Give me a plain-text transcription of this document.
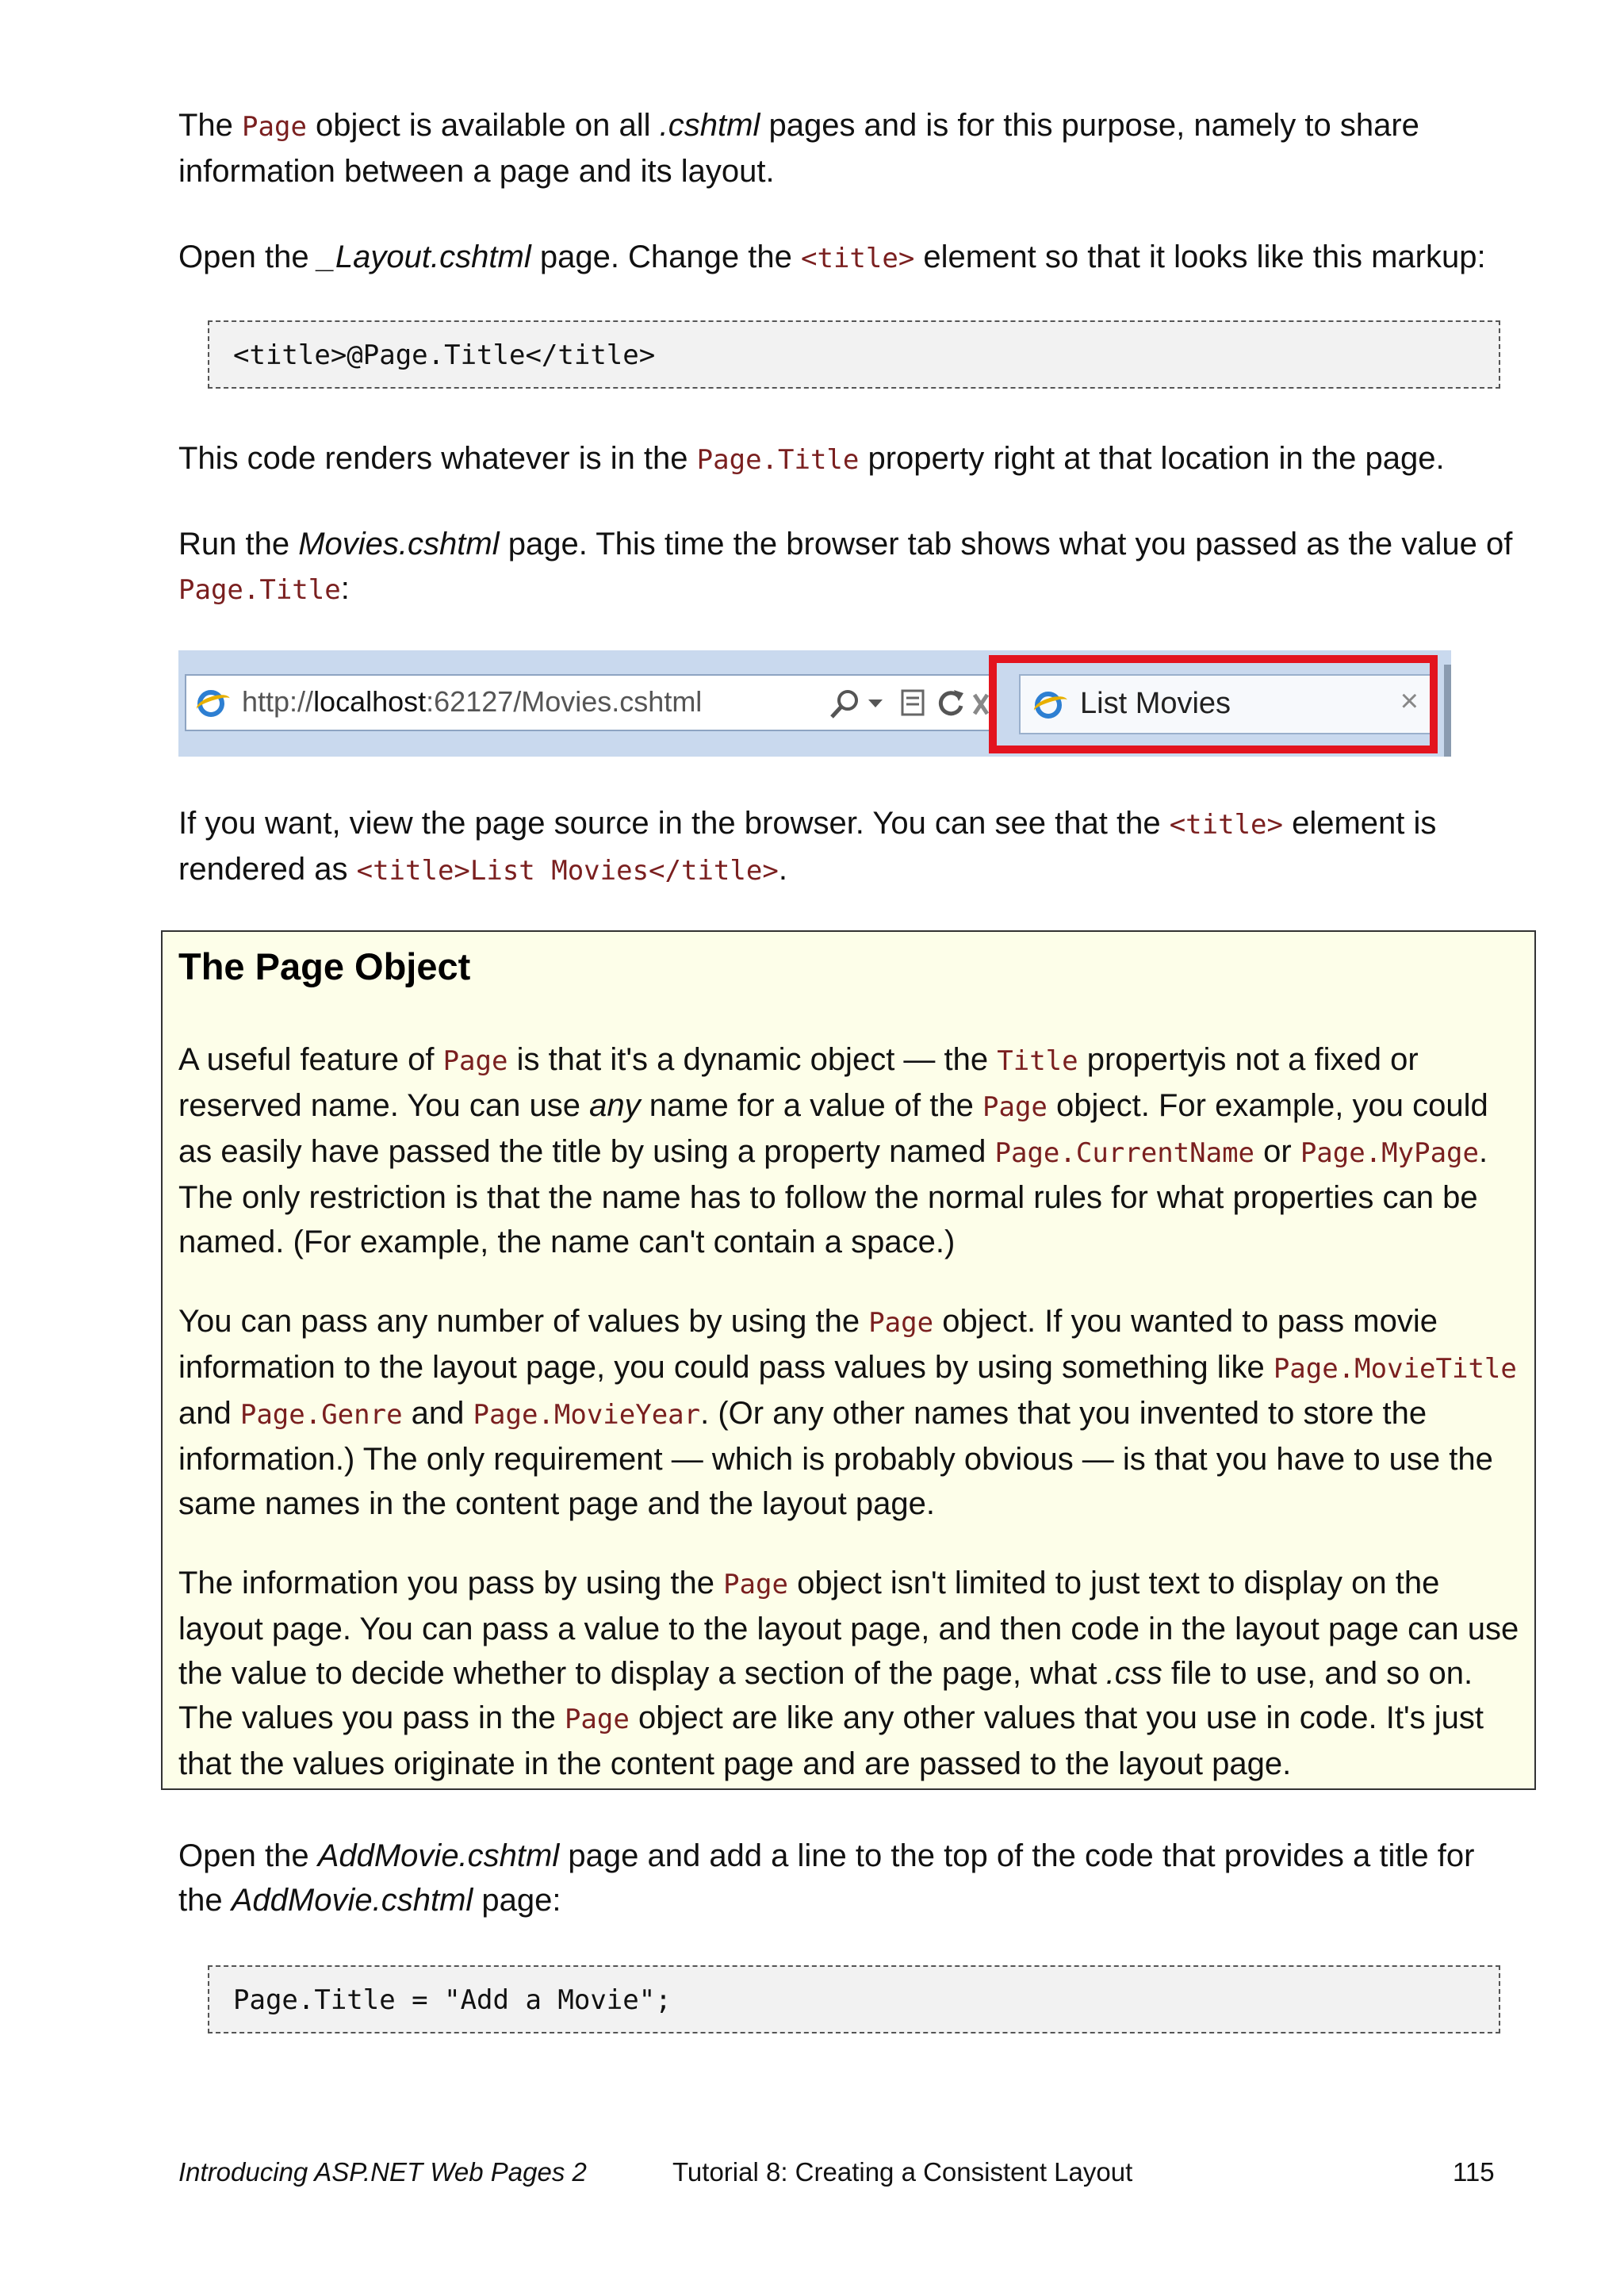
The Page object is available on all .cshtml pages and is for this purpose, namely to share information between a page and its layout.

Open the _Layout.cshtml page. Change the <title> element so that it looks like this markup:

<title>@Page.Title</title>

This code renders whatever is in the Page.Title property right at that location in the page.

Run the Movies.cshtml page. This time the browser tab shows what you passed as the value of Page.Title:

http://localhost:62127/Movies.cshtml	List Movies	×

If you want, view the page source in the browser. You can see that the <title> element is rendered as <title>List Movies</title>.

The Page Object

A useful feature of Page is that it's a dynamic object — the Title propertyis not a fixed or reserved name. You can use any name for a value of the Page object. For example, you could as easily have passed the title by using a property named Page.CurrentName or Page.MyPage. The only restriction is that the name has to follow the normal rules for what properties can be named. (For example, the name can't contain a space.)

You can pass any number of values by using the Page object. If you wanted to pass movie information to the layout page, you could pass values by using something like Page.MovieTitle and Page.Genre and Page.MovieYear. (Or any other names that you invented to store the information.) The only requirement — which is probably obvious — is that you have to use the same names in the content page and the layout page.

The information you pass by using the Page object isn't limited to just text to display on the layout page. You can pass a value to the layout page, and then code in the layout page can use the value to decide whether to display a section of the page, what .css file to use, and so on. The values you pass in the Page object are like any other values that you use in code. It's just that the values originate in the content page and are passed to the layout page.

Open the AddMovie.cshtml page and add a line to the top of the code that provides a title for the AddMovie.cshtml page:

Page.Title = "Add a Movie";
Introducing ASP.NET Web Pages 2	Tutorial 8: Creating a Consistent Layout	115
